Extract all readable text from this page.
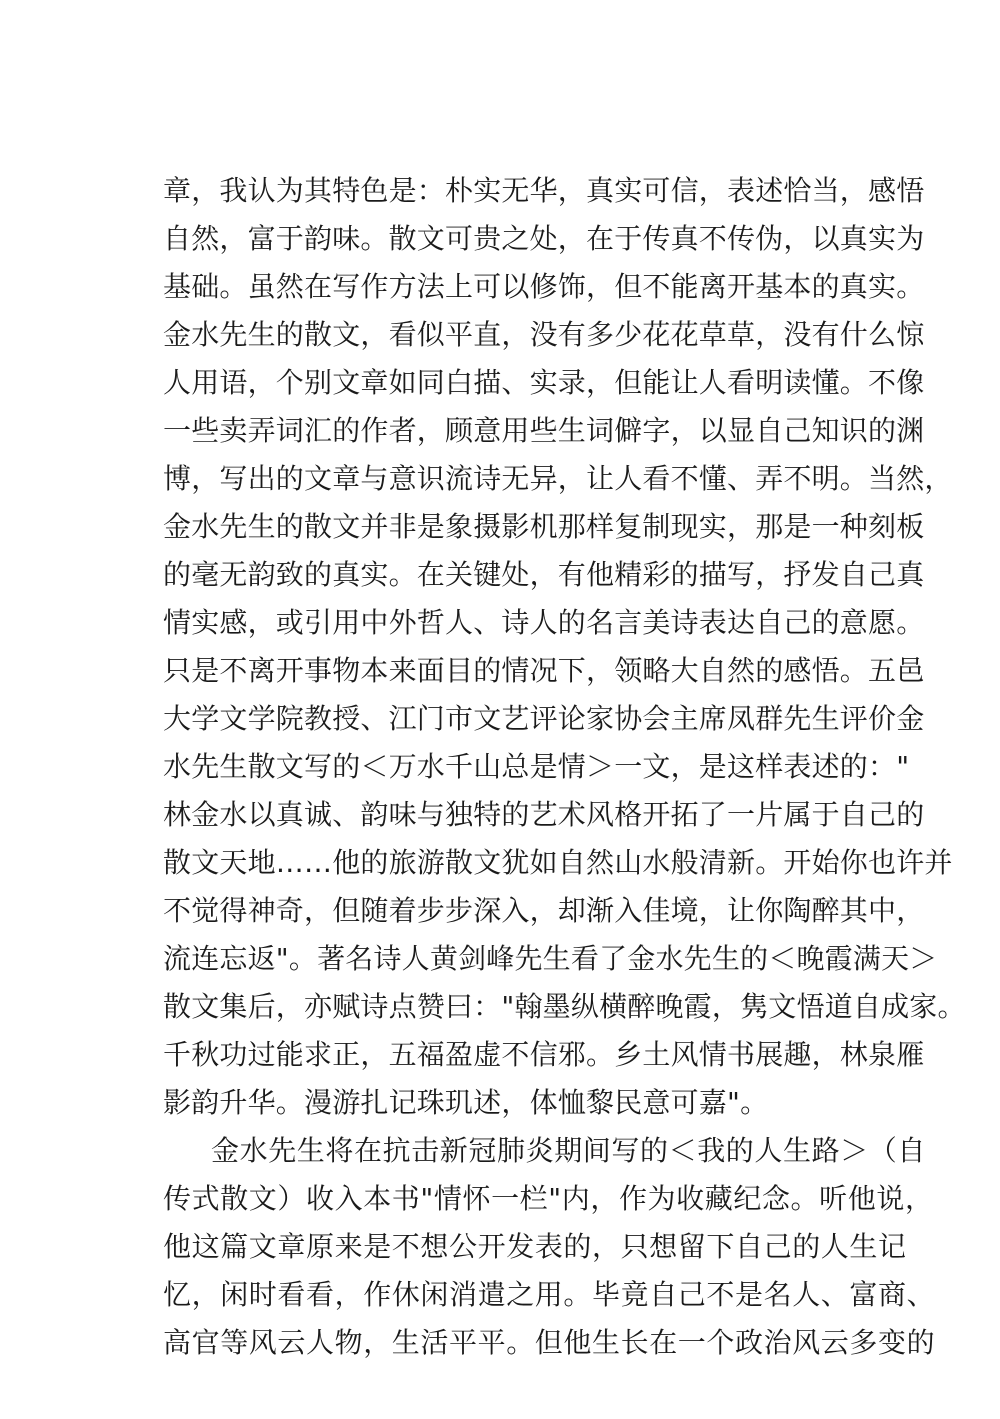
章，我认为其特色是：朴实无华，真实可信，表述恰当，感悟
自然，富于韵味。散文可贵之处，在于传真不传伪，以真实为
基础。虽然在写作方法上可以修饰，但不能离开基本的真实。
金水先生的散文，看似平直，没有多少花花草草，没有什么惊
人用语，个别文章如同白描、实录，但能让人看明读懂。不像
一些卖弄词汇的作者，顾意用些生词僻字，以显自己知识的渊
博，写出的文章与意识流诗无异，让人看不懂、弄不明。当然，
金水先生的散文并非是象摄影机那样复制现实，那是一种刻板
的毫无韵致的真实。在关键处，有他精彩的描写，抒发自己真
情实感，或引用中外哲人、诗人的名言美诗表达自己的意愿。
只是不离开事物本来面目的情况下，领略大自然的感悟。五邑
大学文学院教授、江门市文艺评论家协会主席凤群先生评价金
水先生散文写的＜万水千山总是情＞一文，是这样表述的："
林金水以真诚、韵味与独特的艺术风格开拓了一片属于自己的
散文天地……他的旅游散文犹如自然山水般清新。开始你也许并
不觉得神奇，但随着步步深入，却渐入佳境，让你陶醉其中，
流连忘返"。著名诗人黄剑峰先生看了金水先生的＜晚霞满天＞
散文集后，亦赋诗点赞曰："翰墨纵横醉晚霞，隽文悟道自成家。
千秋功过能求正，五福盈虚不信邪。乡土风情书展趣，林泉雁
影韵升华。漫游扎记珠玑述，体恤黎民意可嘉"。
金水先生将在抗击新冠肺炎期间写的＜我的人生路＞（自
传式散文）收入本书"情怀一栏"内，作为收藏纪念。听他说，
他这篇文章原来是不想公开发表的，只想留下自己的人生记
忆，闲时看看，作休闲消遣之用。毕竟自己不是名人、富商、
高官等风云人物，生活平平。但他生长在一个政治风云多变的
